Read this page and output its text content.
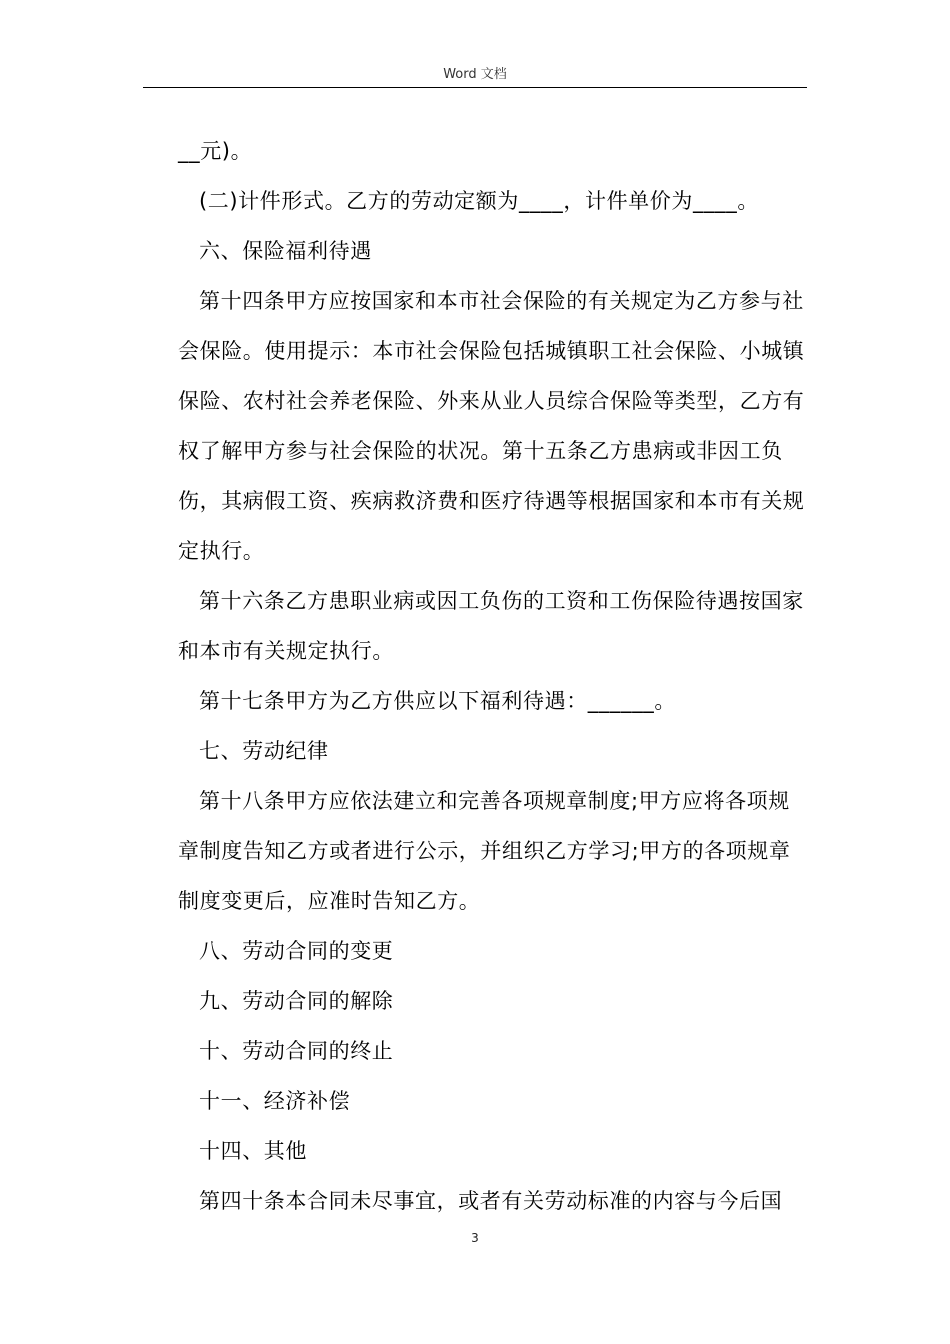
Word 文档

__元)。

(二)计件形式。乙方的劳动定额为____，计件单价为____。

六、保险福利待遇

第十四条甲方应按国家和本市社会保险的有关规定为乙方参与社会保险。使用提示：本市社会保险包括城镇职工社会保险、小城镇保险、农村社会养老保险、外来从业人员综合保险等类型，乙方有权了解甲方参与社会保险的状况。第十五条乙方患病或非因工负伤，其病假工资、疾病救济费和医疗待遇等根据国家和本市有关规定执行。

第十六条乙方患职业病或因工负伤的工资和工伤保险待遇按国家和本市有关规定执行。

第十七条甲方为乙方供应以下福利待遇：______。

七、劳动纪律

第十八条甲方应依法建立和完善各项规章制度;甲方应将各项规章制度告知乙方或者进行公示，并组织乙方学习;甲方的各项规章制度变更后，应准时告知乙方。

八、劳动合同的变更

九、劳动合同的解除

十、劳动合同的终止

十一、经济补偿

十四、其他

第四十条本合同未尽事宜，或者有关劳动标准的内容与今后国

3
